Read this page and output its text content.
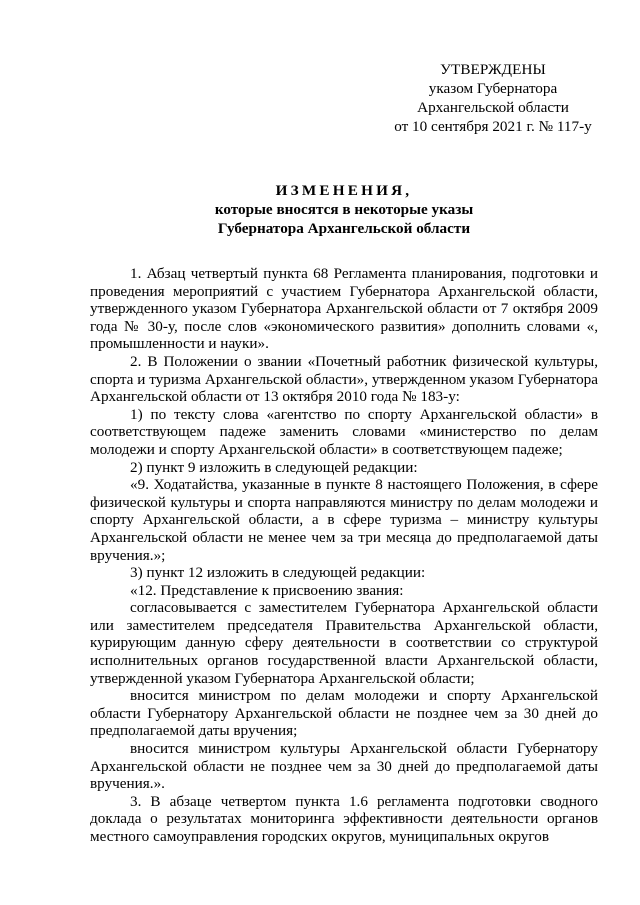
УТВЕРЖДЕНЫ
указом Губернатора
Архангельской области
от 10 сентября 2021 г. № 117-у
ИЗМЕНЕНИЯ,
которые вносятся в некоторые указы
Губернатора Архангельской области

1. Абзац четвертый пункта 68 Регламента планирования, подготовки и проведения мероприятий с участием Губернатора Архангельской области, утвержденного указом Губернатора Архангельской области от 7 октября 2009 года № 30-у, после слов «экономического развития» дополнить словами «, промышленности и науки».

2. В Положении о звании «Почетный работник физической культуры, спорта и туризма Архангельской области», утвержденном указом Губернатора Архангельской области от 13 октября 2010 года № 183-у:

1) по тексту слова «агентство по спорту Архангельской области» в соответствующем падеже заменить словами «министерство по делам молодежи и спорту Архангельской области» в соответствующем падеже;

2) пункт 9 изложить в следующей редакции:

«9. Ходатайства, указанные в пункте 8 настоящего Положения, в сфере физической культуры и спорта направляются министру по делам молодежи и спорту Архангельской области, а в сфере туризма – министру культуры Архангельской области не менее чем за три месяца до предполагаемой даты вручения.»;

3) пункт 12 изложить в следующей редакции:

«12. Представление к присвоению звания:

согласовывается с заместителем Губернатора Архангельской области или заместителем председателя Правительства Архангельской области, курирующим данную сферу деятельности в соответствии со структурой исполнительных органов государственной власти Архангельской области, утвержденной указом Губернатора Архангельской области;

вносится министром по делам молодежи и спорту Архангельской области Губернатору Архангельской области не позднее чем за 30 дней до предполагаемой даты вручения;

вносится министром культуры Архангельской области Губернатору Архангельской области не позднее чем за 30 дней до предполагаемой даты вручения.».

3. В абзаце четвертом пункта 1.6 регламента подготовки сводного доклада о результатах мониторинга эффективности деятельности органов местного самоуправления городских округов, муниципальных округов
